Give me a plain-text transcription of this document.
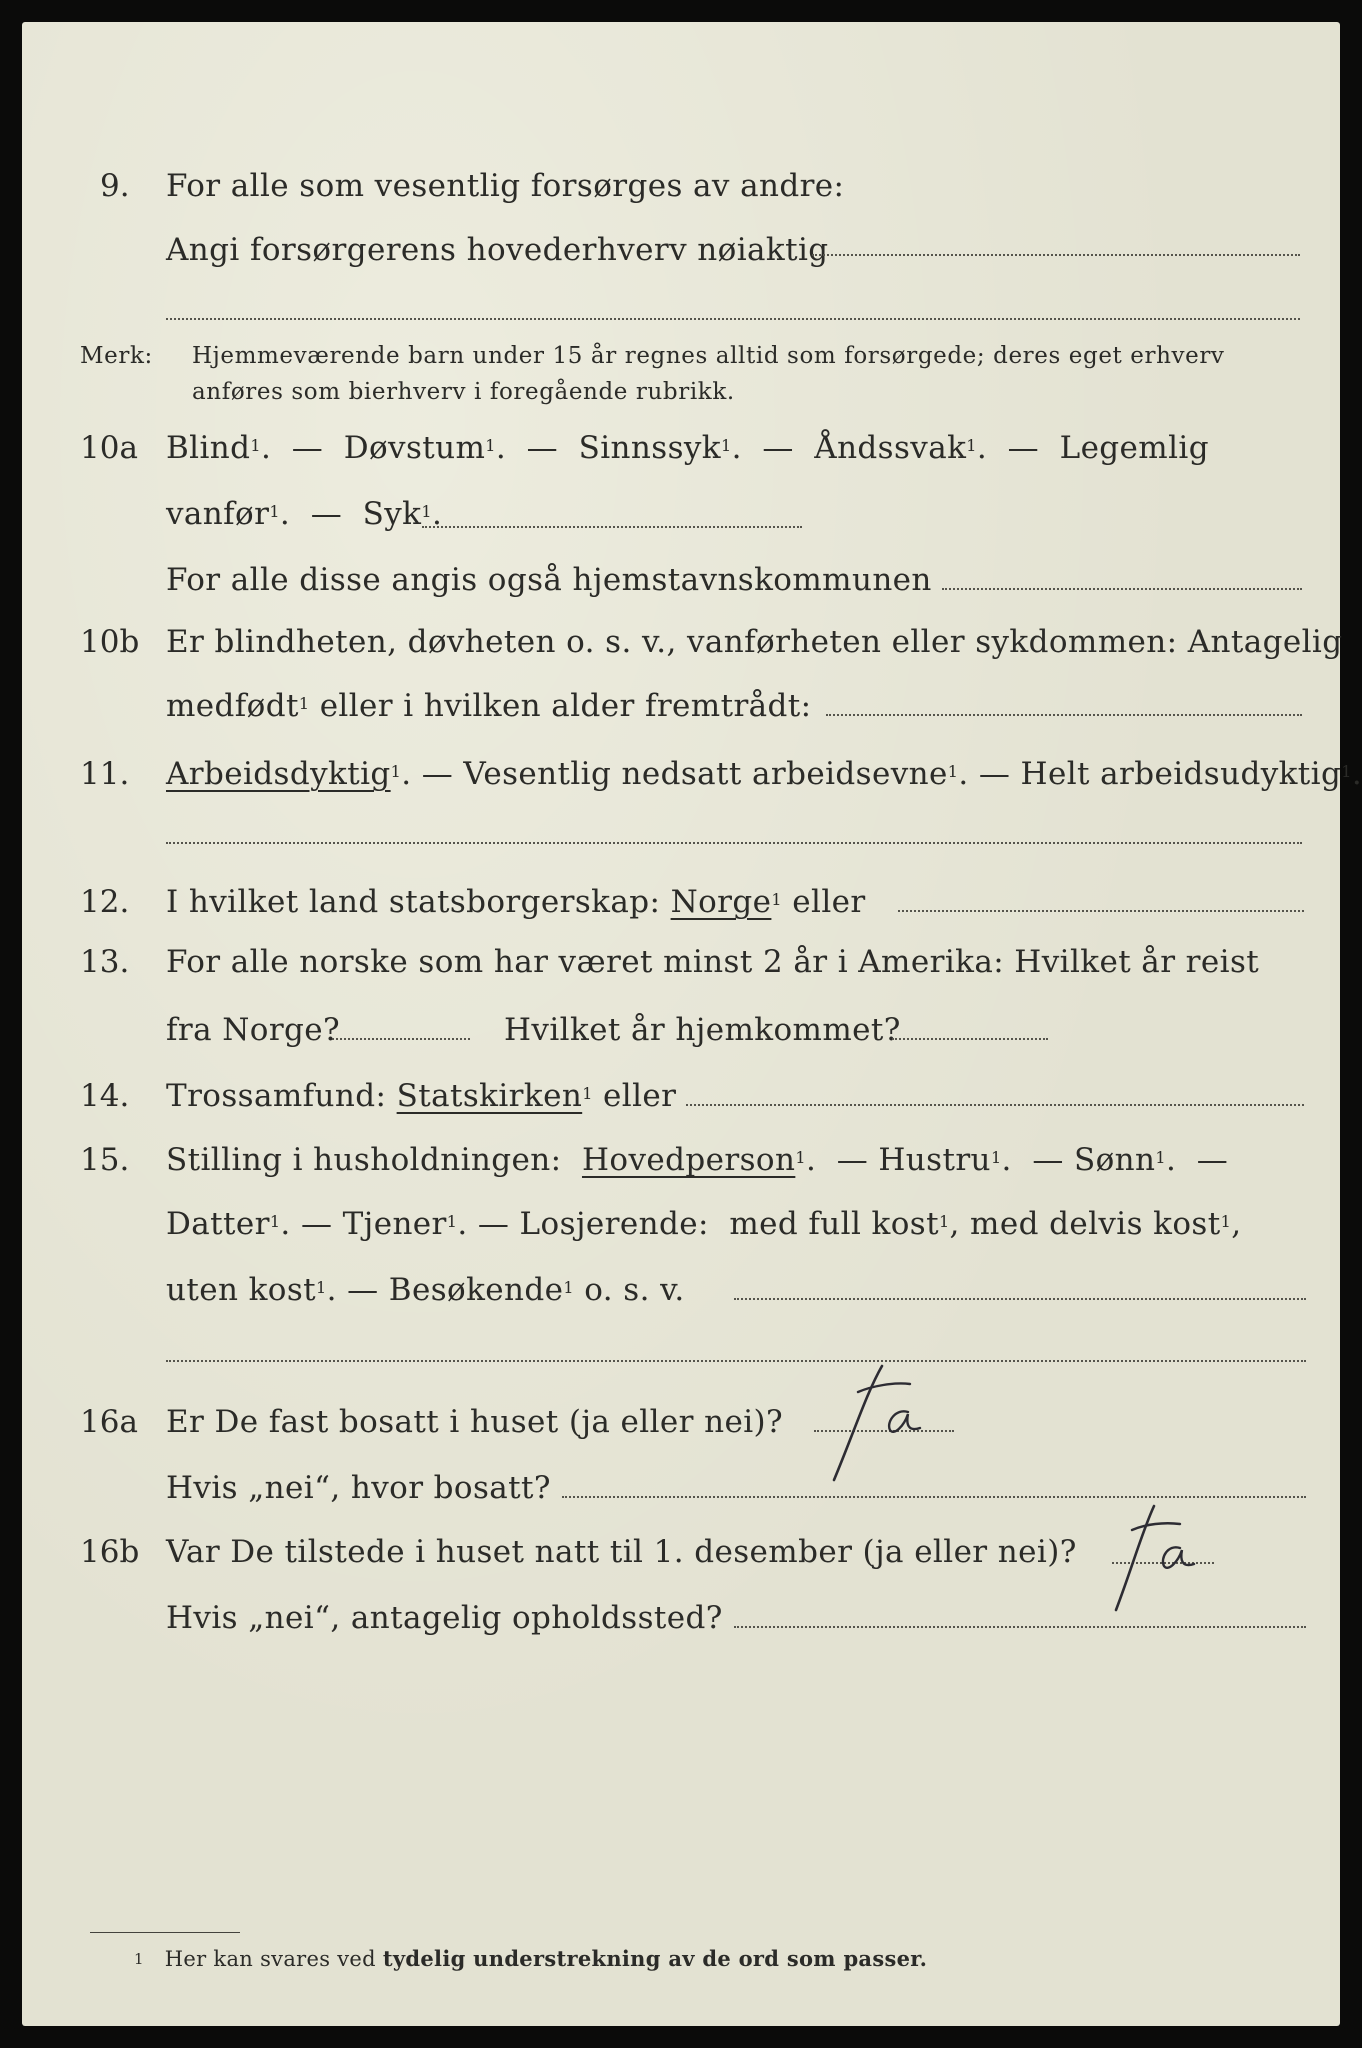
9. For alle som vesentlig forsørges av andre:
Angi forsørgerens hovederhverv nøiaktig
Merk: Hjemmeværende barn under 15 år regnes alltid som forsørgede; deres eget erhverv
anføres som bierhverv i foregående rubrikk.
10a Blind$^1$. — Døvstum$^1$. — Sinnssyk$^1$. — Åndssvak$^1$. — Legemlig
vanfør$^1$. — Syk$^1$.
For alle disse angis også hjemstavnskommunen
10b Er blindheten, døvheten o. s. v., vanførheten eller sykdommen: Antagelig
medfødt$^1$ eller i hvilken alder fremtrådt:
11. Arbeidsdyktig$^1$. — Vesentlig nedsatt arbeidsevne$^1$. — Helt arbeidsudyktig$^1$.
12. I hvilket land statsborgerskap: Norge$^1$ eller
13. For alle norske som har været minst 2 år i Amerika: Hvilket år reist
fra Norge?	Hvilket år hjemkommet?
14. Trossamfund: Statskirken$^1$ eller
15. Stilling i husholdningen: Hovedperson$^1$. — Hustru$^1$. — Sønn$^1$. —
Datter$^1$. — Tjener$^1$. — Losjerende: med full kost$^1$, med delvis kost$^1$,
uten kost$^1$. — Besøkende$^1$ o. s. v.
16a Er De fast bosatt i huset (ja eller nei)?
Hvis „nei“, hvor bosatt?
16b Var De tilstede i huset natt til 1. desember (ja eller nei)?
Hvis „nei“, antagelig opholdssted?
$^1$ Her kan svares ved tydelig understrekning av de ord som passer.
